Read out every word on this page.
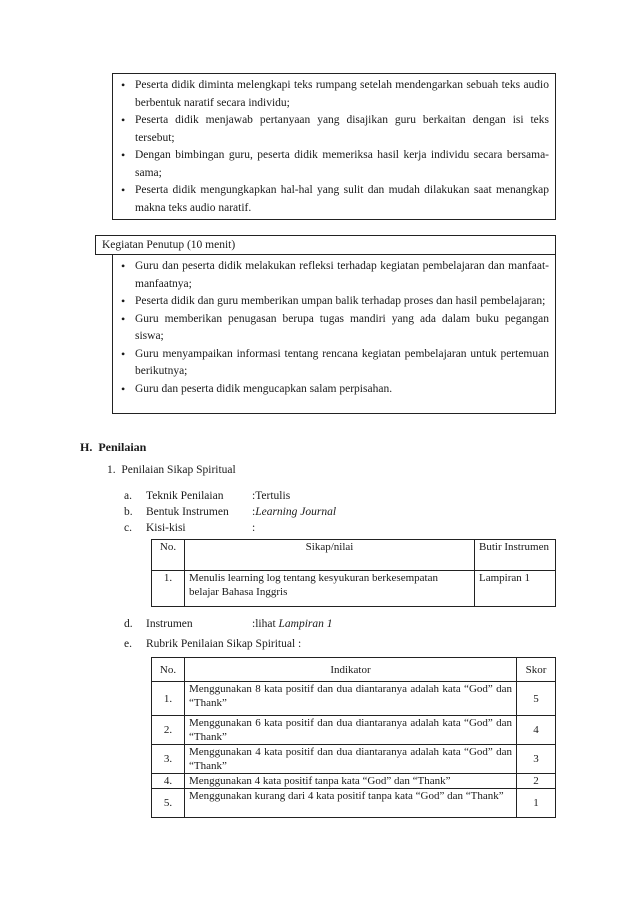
• Peserta didik diminta melengkapi teks rumpang setelah mendengarkan sebuah teks audio berbentuk naratif secara individu;
• Peserta didik menjawab pertanyaan yang disajikan guru berkaitan dengan isi teks tersebut;
• Dengan bimbingan guru, peserta didik memeriksa hasil kerja individu secara bersama-sama;
• Peserta didik mengungkapkan hal-hal yang sulit dan mudah dilakukan saat menangkap makna teks audio naratif.
Kegiatan Penutup (10 menit)
• Guru dan peserta didik melakukan refleksi terhadap kegiatan pembelajaran dan manfaat-manfaatnya;
• Peserta didik dan guru memberikan umpan balik terhadap proses dan hasil pembelajaran;
• Guru memberikan penugasan berupa tugas mandiri yang ada dalam buku pegangan siswa;
• Guru menyampaikan informasi tentang rencana kegiatan pembelajaran untuk pertemuan berikutnya;
• Guru dan peserta didik mengucapkan salam perpisahan.
H.  Penilaian
1.  Penilaian Sikap Spiritual
a. Teknik Penilaian :Tertulis
b. Bentuk Instrumen :Learning Journal
c. Kisi-kisi	:
No.	Sikap/nilai	Butir Instrumen
1.	Menulis learning log tentang kesyukuran berkesempatan belajar Bahasa Inggris	Lampiran 1
d. Instrumen	:lihat Lampiran 1
e. Rubrik Penilaian Sikap Spiritual :
No.	Indikator	Skor
1.	Menggunakan 8 kata positif dan dua diantaranya adalah kata “God” dan “Thank”	5
2.	Menggunakan 6 kata positif dan dua diantaranya adalah kata “God” dan “Thank”	4
3.	Menggunakan 4 kata positif dan dua diantaranya adalah kata “God” dan “Thank”	3
4.	Menggunakan 4 kata positif tanpa kata “God” dan “Thank”	2
5.	Menggunakan kurang dari 4 kata positif tanpa kata “God” dan “Thank”	1
